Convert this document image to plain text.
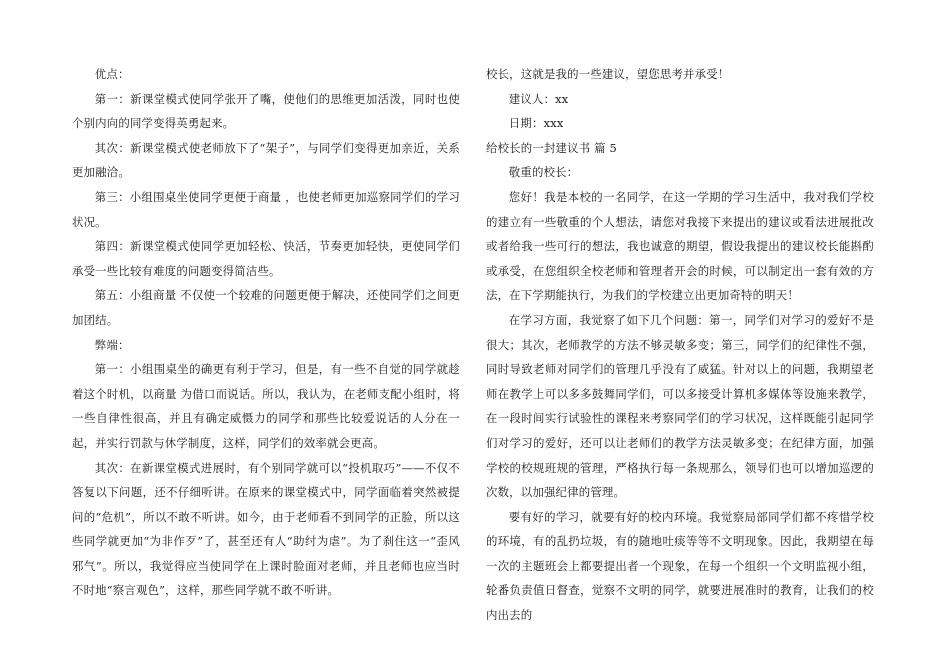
优点：

第一：新课堂模式使同学张开了嘴，使他们的思维更加活泼，同时也使个别内向的同学变得英勇起来。

其次：新课堂模式使老师放下了“架子”，与同学们变得更加亲近，关系更加融洽。

第三：小组围桌坐使同学更便于商量 ，也使老师更加巡察同学们的学习状况。

第四：新课堂模式使同学更加轻松、快活，节奏更加轻快，更使同学们承受一些比较有难度的问题变得简洁些。

第五：小组商量 不仅使一个较难的问题更便于解决，还使同学们之间更加团结。

弊端：

第一：小组围桌坐的确更有利于学习，但是，有一些不自觉的同学就趁着这个时机，以商量 为借口而说话。所以，我认为，在老师支配小组时，将一些自律性很高，并且有确定威慑力的同学和那些比较爱说话的人分在一起，并实行罚款与休学制度，这样，同学们的效率就会更高。

其次：在新课堂模式进展时，有个别同学就可以“投机取巧”——不仅不答复以下问题，还不仔细听讲。在原来的课堂模式中，同学面临着突然被提问的“危机”，所以不敢不听讲。如今，由于老师看不到同学的正脸，所以这些同学就更加“为非作歹”了，甚至还有人“助纣为虐”。为了刹住这一“歪风邪气”。所以，我觉得应当使同学在上课时脸面对老师，并且老师也应当时不时地“察言观色”，这样，那些同学就不敢不听讲。

校长，这就是我的一些建议，望您思考并承受！

建议人：xx

日期：xxx

给校长的一封建议书 篇 5

敬重的校长：

您好！我是本校的一名同学，在这一学期的学习生活中，我对我们学校的建立有一些敬重的个人想法，请您对我接下来提出的建议或看法进展批改或者给我一些可行的想法，我也诚意的期望，假设我提出的建议校长能斟酌或承受，在您组织全校老师和管理者开会的时候，可以制定出一套有效的方法，在下学期能执行，为我们的学校建立出更加奇特的明天！

在学习方面，我觉察了如下几个问题：第一，同学们对学习的爱好不是很大；其次，老师教学的方法不够灵敏多变；第三，同学们的纪律性不强，同时导致老师对同学们的管理几乎没有了威猛。针对以上的问题，我期望老师在教学上可以多多鼓舞同学们，可以多接受计算机多媒体等设施来教学，在一段时间实行试验性的课程来考察同学们的学习状况，这样既能引起同学们对学习的爱好，还可以让老师们的教学方法灵敏多变；在纪律方面，加强学校的校规班规的管理，严格执行每一条规那么，领导们也可以增加巡逻的次数，以加强纪律的管理。

要有好的学习，就要有好的校内环境。我觉察局部同学们都不疼惜学校的环境，有的乱扔垃圾，有的随地吐痰等等不文明现象。因此，我期望在每一次的主题班会上都要提出者一个现象，在每一个组织一个文明监视小组，轮番负责值日督查，觉察不文明的同学，就要进展准时的教育，让我们的校内出去的
